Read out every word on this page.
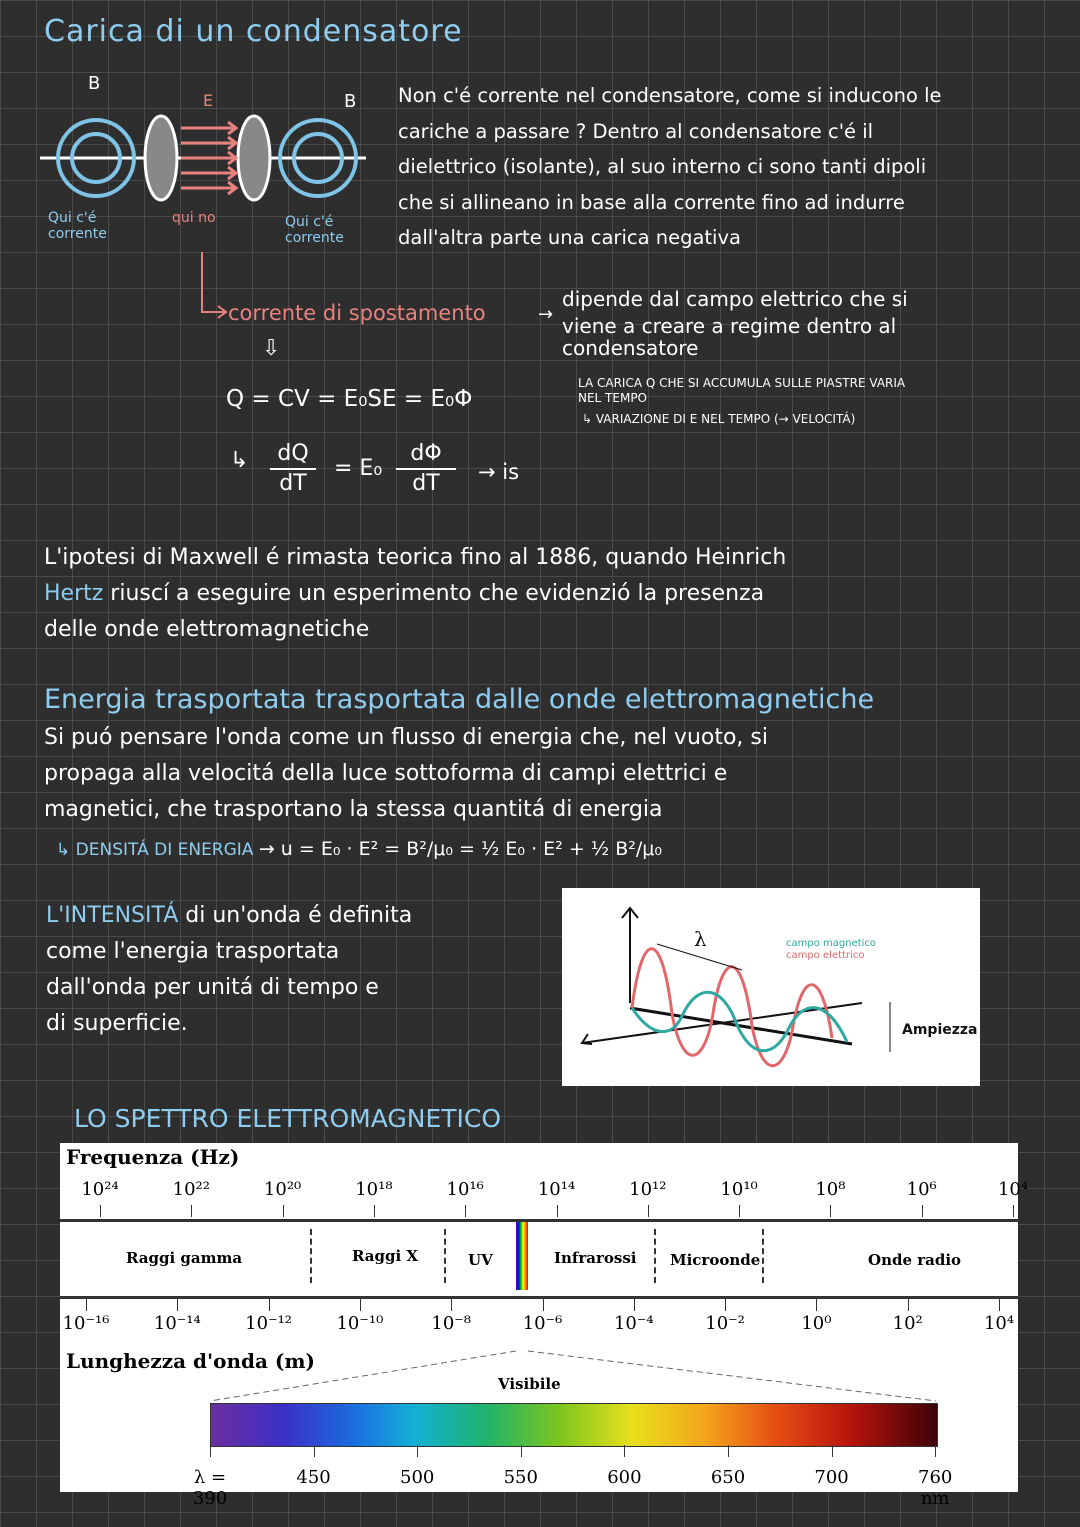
Carica di un condensatore
B
E	B
Qui c'é
corrente
qui no	Qui c'é
corrente
Non c'é corrente nel condensatore, come si inducono le
cariche a passare ? Dentro al condensatore c'é il
dielettrico (isolante), al suo interno ci sono tanti dipoli
che si allineano in base alla corrente fino ad indurre
dall'altra parte una carica negativa
corrente di spostamento	→
dipende dal campo elettrico che si
viene a creare a regime dentro al
condensatore
⇩
Q = CV = E₀SE = E₀Φ
LA CARICA Q CHE SI ACCUMULA SULLE PIASTRE VARIA
NEL TEMPO
↳ VARIAZIONE DI E NEL TEMPO (→ VELOCITÁ)
↳ $\frac{dQ}{dT} = E_0 \frac{d\Phi}{dT}$ → is
L'ipotesi di Maxwell é rimasta teorica fino al 1886, quando Heinrich
Hertz riuscí a eseguire un esperimento che evidenzió la presenza
delle onde elettromagnetiche
Energia trasportata trasportata dalle onde elettromagnetiche
Si puó pensare l'onda come un flusso di energia che, nel vuoto, si
propaga alla velocitá della luce sottoforma di campi elettrici e
magnetici, che trasportano la stessa quantitá di energia
↳ DENSITÁ DI ENERGIA → u = E₀ · E² = B²/μ₀ = ½ E₀ · E² + ½ B²/μ₀
L'INTENSITÁ di un'onda é definita
come l'energia trasportata
dall'onda per unitá di tempo e
di superficie.
λ	campo magnetico
campo elettrico
Ampiezza
LO SPETTRO ELETTROMAGNETICO
Frequenza (Hz)
10²⁴	10²²	10²⁰	10¹⁸	10¹⁶	10¹⁴	10¹²	10¹⁰	10⁸	10⁶	10⁴
Raggi gamma	Raggi X	UV	Infrarossi Microonde	Onde radio
10⁻¹⁶ 10⁻¹⁴ 10⁻¹² 10⁻¹⁰	10⁻⁸	10⁻⁶	10⁻⁴	10⁻²	10⁰	10²	10⁴
Lunghezza d'onda (m)
Visibile
λ = 390
450	500	550	600	650	700	760 nm
